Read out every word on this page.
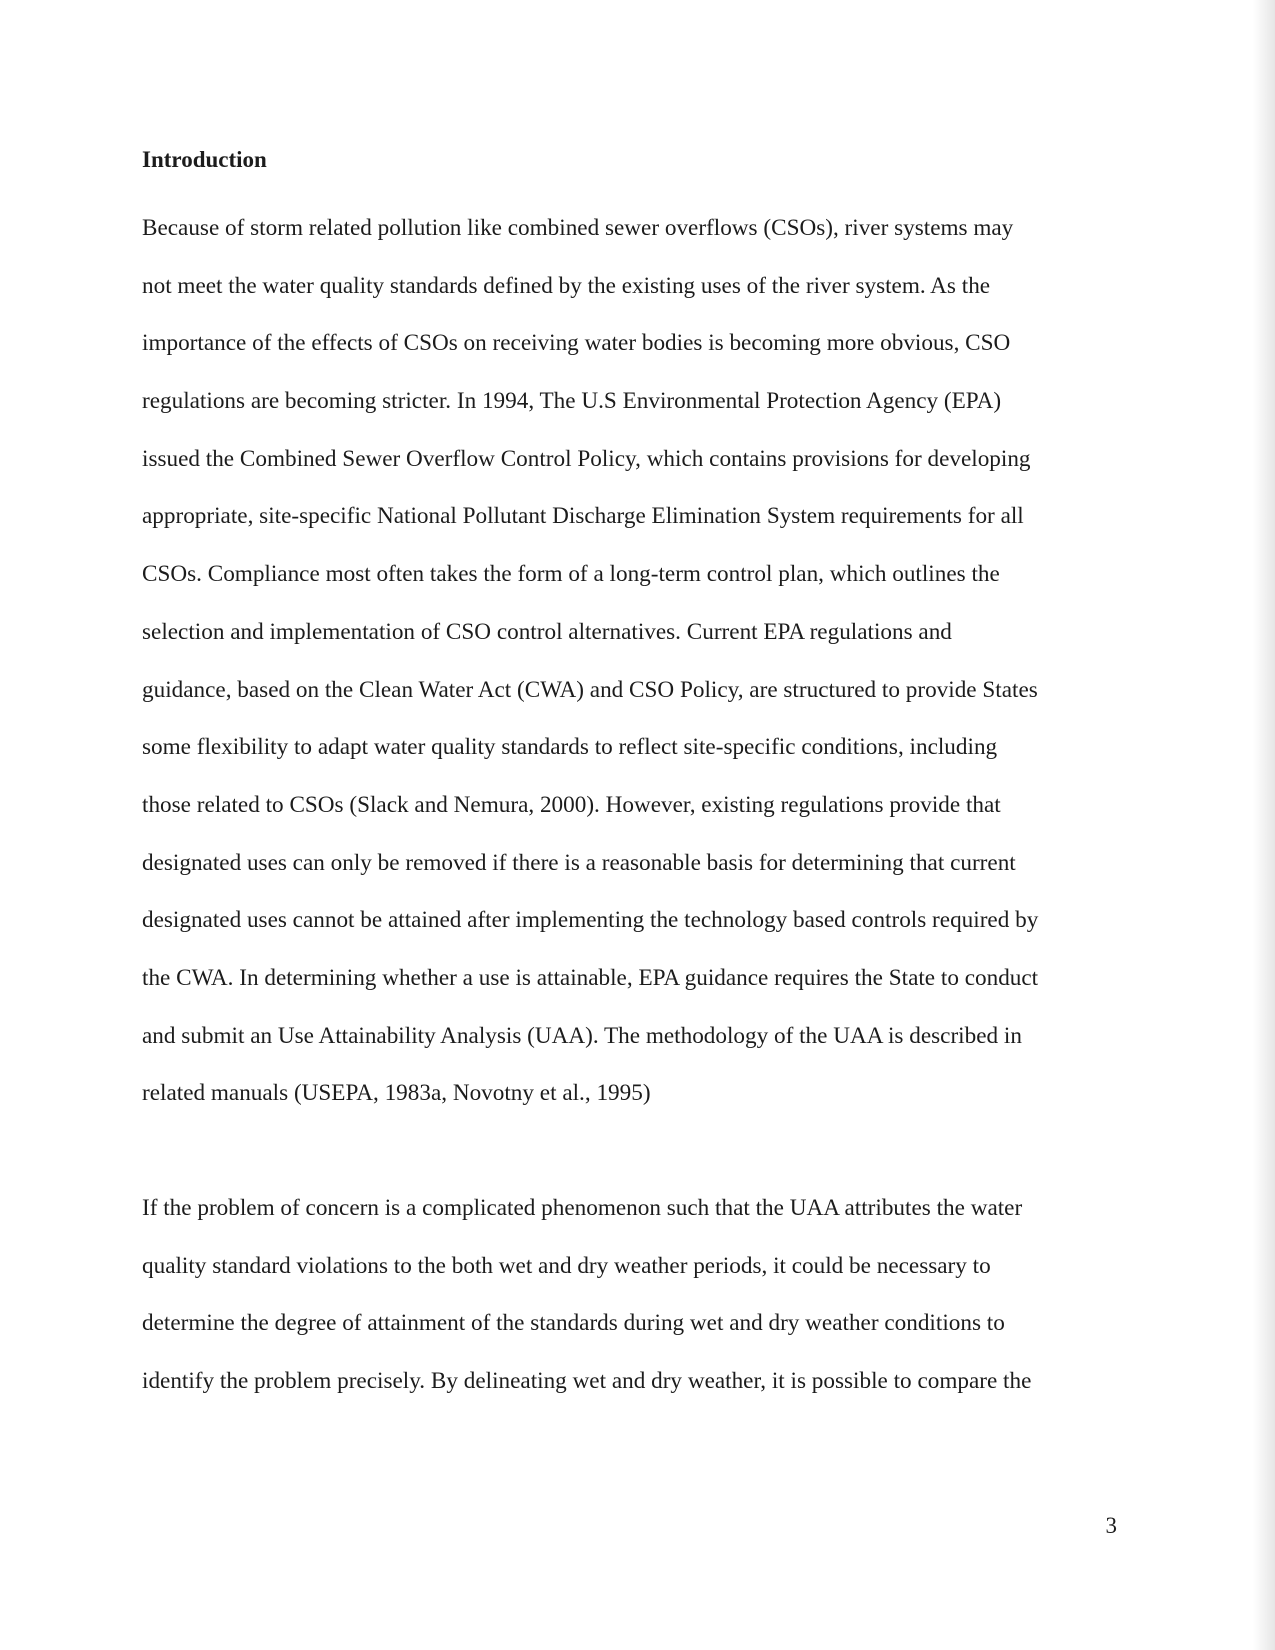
Introduction

Because of storm related pollution like combined sewer overflows (CSOs), river systems may
not meet the water quality standards defined by the existing uses of the river system. As the
importance of the effects of CSOs on receiving water bodies is becoming more obvious, CSO
regulations are becoming stricter. In 1994, The U.S Environmental Protection Agency (EPA)
issued the Combined Sewer Overflow Control Policy, which contains provisions for developing
appropriate, site-specific National Pollutant Discharge Elimination System requirements for all
CSOs. Compliance most often takes the form of a long-term control plan, which outlines the
selection and implementation of CSO control alternatives. Current EPA regulations and
guidance, based on the Clean Water Act (CWA) and CSO Policy, are structured to provide States
some flexibility to adapt water quality standards to reflect site-specific conditions, including
those related to CSOs (Slack and Nemura, 2000). However, existing regulations provide that
designated uses can only be removed if there is a reasonable basis for determining that current
designated uses cannot be attained after implementing the technology based controls required by
the CWA. In determining whether a use is attainable, EPA guidance requires the State to conduct
and submit an Use Attainability Analysis (UAA). The methodology of the UAA is described in
related manuals (USEPA, 1983a, Novotny et al., 1995)

If the problem of concern is a complicated phenomenon such that the UAA attributes the water
quality standard violations to the both wet and dry weather periods, it could be necessary to
determine the degree of attainment of the standards during wet and dry weather conditions to
identify the problem precisely. By delineating wet and dry weather, it is possible to compare the

3
